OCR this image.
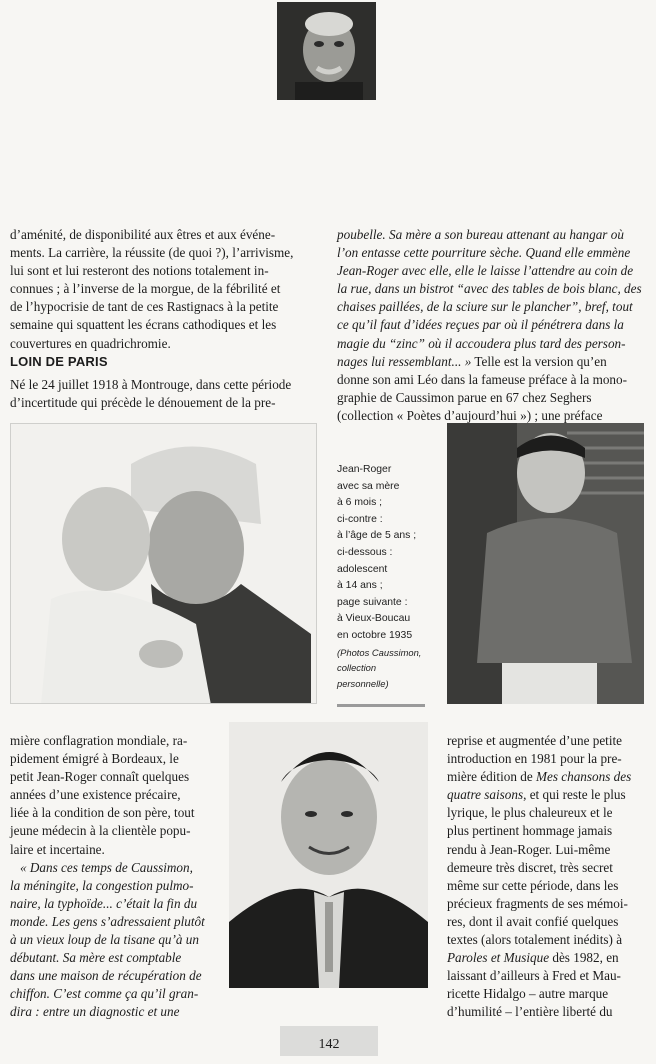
d’aménité, de disponibilité aux êtres et aux événe-

ments. La carrière, la réussite (de quoi ?), l’arrivisme,

lui sont et lui resteront des notions totalement in-

connues ; à l’inverse de la morgue, de la fébrilité et

de l’hypocrisie de tant de ces Rastignacs à la petite

semaine qui squattent les écrans cathodiques et les

couvertures en quadrichromie.

LOIN DE PARIS

Né le 24 juillet 1918 à Montrouge, dans cette période

d’incertitude qui précède le dénouement de la pre-

poubelle. Sa mère a son bureau attenant au hangar où

l’on entasse cette pourriture sèche. Quand elle emmène

Jean-Roger avec elle, elle le laisse l’attendre au coin de

la rue, dans un bistrot “avec des tables de bois blanc, des

chaises paillées, de la sciure sur le plancher”, bref, tout

ce qu’il faut d’idées reçues par où il pénétrera dans la

magie du “zinc” où il accoudera plus tard des person-

nages lui ressemblant... » Telle est la version qu’en

donne son ami Léo dans la fameuse préface à la mono-

graphie de Caussimon parue en 67 chez Seghers

(collection « Poètes d’aujourd’hui ») ; une préface

Jean-Roger
avec sa mère
à 6 mois ;
ci-contre :
à l’âge de 5 ans ;
ci-dessous :
adolescent
à 14 ans ;
page suivante :
à Vieux-Boucau
en octobre 1935
(Photos Caussimon,
collection
personnelle)

mière conflagration mondiale, ra-

pidement émigré à Bordeaux, le

petit Jean-Roger connaît quelques

années d’une existence précaire,

liée à la condition de son père, tout

jeune médecin à la clientèle popu-

laire et incertaine.

« Dans ces temps de Caussimon,

la méningite, la congestion pulmo-

naire, la typhoïde... c’était la fin du

monde. Les gens s’adressaient plutôt

à un vieux loup de la tisane qu’à un

débutant. Sa mère est comptable

dans une maison de récupération de

chiffon. C’est comme ça qu’il gran-

dira : entre un diagnostic et une

reprise et augmentée d’une petite

introduction en 1981 pour la pre-

mière édition de Mes chansons des

quatre saisons, et qui reste le plus

lyrique, le plus chaleureux et le

plus pertinent hommage jamais

rendu à Jean-Roger. Lui-même

demeure très discret, très secret

même sur cette période, dans les

précieux fragments de ses mémoi-

res, dont il avait confié quelques

textes (alors totalement inédits) à

Paroles et Musique dès 1982, en

laissant d’ailleurs à Fred et Mau-

ricette Hidalgo – autre marque

d’humilité – l’entière liberté du

142
